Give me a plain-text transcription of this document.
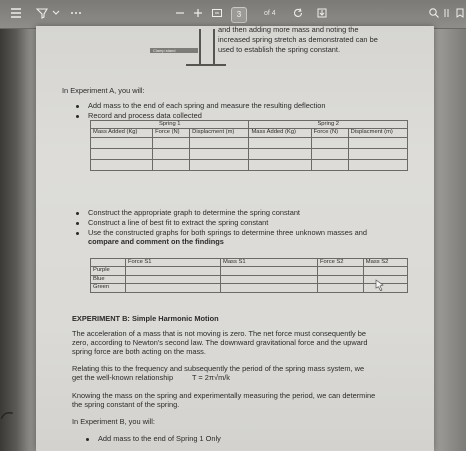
3	of 4
Clamp stand
and then adding more mass and noting the
increased spring stretch as demonstrated can be
used to establish the spring constant.
In Experiment A, you will:
Add mass to the end of each spring and measure the resulting deflection
Record and process data collected
Spring 1			Spring 2		
Mass Added (Kg)	Force (N)	Displacment (m)	Mass Added (Kg)	Force (N)	Displacment (m)

Construct the appropriate graph to determine the spring constant
Construct a line of best fit to extract the spring constant
Use the constructed graphs for both springs to determine three unknown masses and
compare and comment on the findings
	Force S1	Mass S1	Force S2	Mass S2
Purple				
Blue				
Green				
EXPERIMENT B: Simple Harmonic Motion
The acceleration of a mass that is not moving is zero. The net force must consequently be
zero, according to Newton's second law. The downward gravitational force and the upward
spring force are both acting on the mass.
Relating this to the frequency and subsequently the period of the spring mass system, we
get the well-known relationship	T = 2π√m/k
Knowing the mass on the spring and experimentally measuring the period, we can determine
the spring constant of the spring.
In Experiment B, you will:
Add mass to the end of Spring 1 Only
